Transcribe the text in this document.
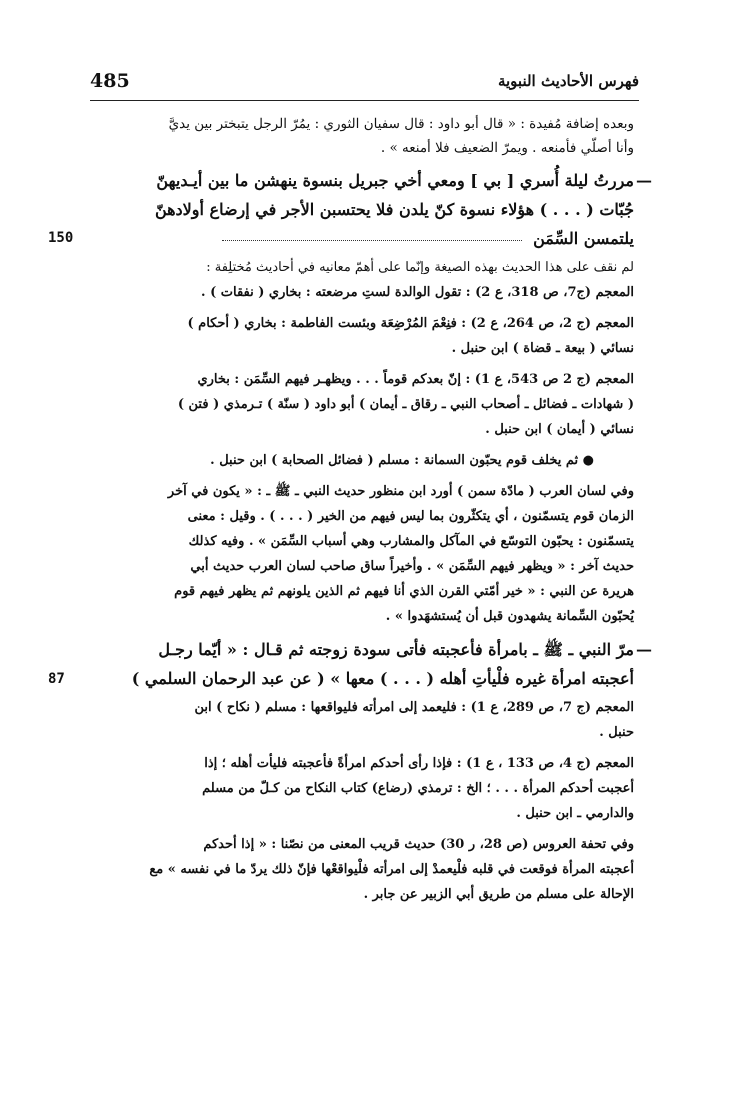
485	فهرس الأحاديث النبوية
وبعده إضافة مُفيدة : « قال أبو داود : قال سفيان الثوري : يمُرّ الرجل يتبختر بين يديَّ
وأنا أصلّي فأمنعه . ويمرّ الضعيف فلا أمنعه » .
—
مررتُ ليلة أُسري [ بي ] ومعي أخي جبريل بنسوة ينهشن ما بين أيـديهنّ
جُبّات ( . . . ) هؤلاء نسوة كنّ يلدن فلا يحتسبن الأجر في إرضاع أولادهنّ
يلتمسن السِّمَن
150
لم نقف على هذا الحديث بهذه الصيغة وإنّما على أهمّ معانيه في أحاديث مُختلِفة :
المعجم (ج7، ص 318، ع 2) : تقول الوالدة لستِ مرضعته : بخاري ( نفقات ) .
المعجم (ج 2، ص 264، ع 2) : فنِعْمَ المُرْضِعَة وبئست الفاطمة : بخاري ( أحكام )
نسائي ( بيعة ـ قضاة ) ابن حنبل .
المعجم (ج 2 ص 543، ع 1) : إنّ بعدكم قوماً . . . ويظهـر فيهم السِّمَن : بخاري
( شهادات ـ فضائل ـ أصحاب النبي ـ رقاق ـ أيمان ) أبو داود ( سنّة ) تـرمذي ( فتن )
نسائي ( أيمان ) ابن حنبل .
● ثم يخلف قوم يحبّون السمانة : مسلم ( فضائل الصحابة ) ابن حنبل .
وفي لسان العرب ( مادّة سمن ) أورد ابن منظور حديث النبي ـ ﷺ ـ : « يكون في آخر
الزمان قوم يتسمّنون ، أي يتكثّرون بما ليس فيهم من الخير ( . . . ) . وقيل : معنى
يتسمّنون : يحبّون التوسّع في المآكل والمشارب وهي أسباب السِّمَن » . وفيه كذلك
حديث آخر : « ويظهر فيهم السِّمَن » . وأخيراً ساق صاحب لسان العرب حديث أبي
هريرة عن النبي : « خير أمّتي القرن الذي أنا فيهم ثم الذين يلونهم ثم يظهر فيهم قوم
يُحبّون السِّمانة يشهدون قبل أن يُستشهَدوا » .
—
مرّ النبي ـ ﷺ ـ بامرأة فأعجبته فأتى سودة زوجته ثم قـال : « أيّما رجـل
أعجبته امرأة غيره فلْيأتِ أهله ( . . . ) معها » ( عن عبد الرحمان السلمي )
87
المعجم (ج 7، ص 289، ع 1) : فليعمد إلى امرأته فليواقعها : مسلم ( نكاح ) ابن
حنبل .
المعجم (ج 4، ص 133 ، ع 1) : فإذا رأى أحدكم امرأةً فأعجبته فليأت أهله ؛ إذا
أعجبت أحدكم المرأة . . . ؛ الخ : ترمذي (رضاع) كتاب النكاح من كـلّ من مسلم
والدارمي ـ ابن حنبل .
وفي تحفة العروس (ص 28، ر 30) حديث قريب المعنى من نصّنا : « إذا أحدكم
أعجبته المرأة فوقعت في قلبه فلْيعمدْ إلى امرأته فلْيواقعْها فإنّ ذلك يردّ ما في نفسه » مع
الإحالة على مسلم من طريق أبي الزبير عن جابر .
